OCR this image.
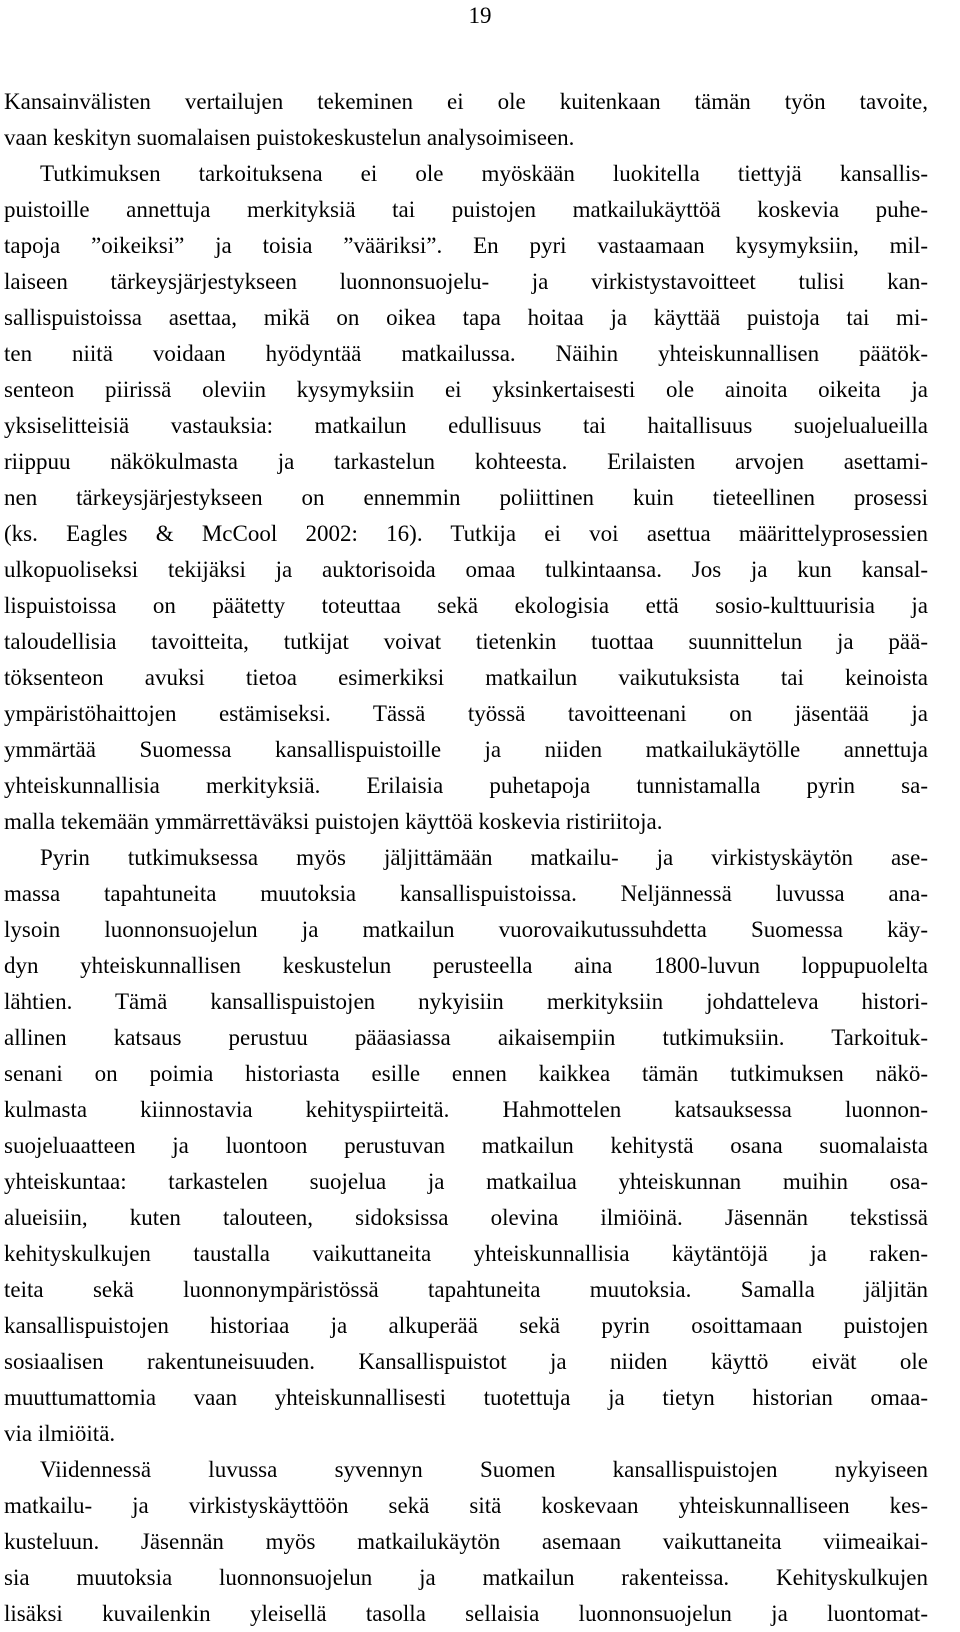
19
Kansainvälisten vertailujen tekeminen ei ole kuitenkaan tämän työn tavoite,
vaan keskityn suomalaisen puistokeskustelun analysoimiseen.
Tutkimuksen tarkoituksena ei ole myöskään luokitella tiettyjä kansallis-
puistoille annettuja merkityksiä tai puistojen matkailukäyttöä koskevia puhe-
tapoja ”oikeiksi” ja toisia ”vääriksi”. En pyri vastaamaan kysymyksiin, mil-
laiseen tärkeysjärjestykseen luonnonsuojelu- ja virkistystavoitteet tulisi kan-
sallispuistoissa asettaa, mikä on oikea tapa hoitaa ja käyttää puistoja tai mi-
ten niitä voidaan hyödyntää matkailussa. Näihin yhteiskunnallisen päätök-
senteon piirissä oleviin kysymyksiin ei yksinkertaisesti ole ainoita oikeita ja
yksiselitteisiä vastauksia: matkailun edullisuus tai haitallisuus suojelualueilla
riippuu näkökulmasta ja tarkastelun kohteesta. Erilaisten arvojen asettami-
nen tärkeysjärjestykseen on ennemmin poliittinen kuin tieteellinen prosessi
(ks. Eagles & McCool 2002: 16). Tutkija ei voi asettua määrittelyprosessien
ulkopuoliseksi tekijäksi ja auktorisoida omaa tulkintaansa. Jos ja kun kansal-
lispuistoissa on päätetty toteuttaa sekä ekologisia että sosio-kulttuurisia ja
taloudellisia tavoitteita, tutkijat voivat tietenkin tuottaa suunnittelun ja pää-
töksenteon avuksi tietoa esimerkiksi matkailun vaikutuksista tai keinoista
ympäristöhaittojen estämiseksi. Tässä työssä tavoitteenani on jäsentää ja
ymmärtää Suomessa kansallispuistoille ja niiden matkailukäytölle annettuja
yhteiskunnallisia merkityksiä. Erilaisia puhetapoja tunnistamalla pyrin sa-
malla tekemään ymmärrettäväksi puistojen käyttöä koskevia ristiriitoja.
Pyrin tutkimuksessa myös jäljittämään matkailu- ja virkistyskäytön ase-
massa tapahtuneita muutoksia kansallispuistoissa. Neljännessä luvussa ana-
lysoin luonnonsuojelun ja matkailun vuorovaikutussuhdetta Suomessa käy-
dyn yhteiskunnallisen keskustelun perusteella aina 1800-luvun loppupuolelta
lähtien. Tämä kansallispuistojen nykyisiin merkityksiin johdatteleva histori-
allinen katsaus perustuu pääasiassa aikaisempiin tutkimuksiin. Tarkoituk-
senani on poimia historiasta esille ennen kaikkea tämän tutkimuksen näkö-
kulmasta kiinnostavia kehityspiirteitä. Hahmottelen katsauksessa luonnon-
suojeluaatteen ja luontoon perustuvan matkailun kehitystä osana suomalaista
yhteiskuntaa: tarkastelen suojelua ja matkailua yhteiskunnan muihin osa-
alueisiin, kuten talouteen, sidoksissa olevina ilmiöinä. Jäsennän tekstissä
kehityskulkujen taustalla vaikuttaneita yhteiskunnallisia käytäntöjä ja raken-
teita sekä luonnonympäristössä tapahtuneita muutoksia. Samalla jäljitän
kansallispuistojen historiaa ja alkuperää sekä pyrin osoittamaan puistojen
sosiaalisen rakentuneisuuden. Kansallispuistot ja niiden käyttö eivät ole
muuttumattomia vaan yhteiskunnallisesti tuotettuja ja tietyn historian omaa-
via ilmiöitä.
Viidennessä luvussa syvennyn Suomen kansallispuistojen nykyiseen
matkailu- ja virkistyskäyttöön sekä sitä koskevaan yhteiskunnalliseen kes-
kusteluun. Jäsennän myös matkailukäytön asemaan vaikuttaneita viimeaikai-
sia muutoksia luonnonsuojelun ja matkailun rakenteissa. Kehityskulkujen
lisäksi kuvailenkin yleisellä tasolla sellaisia luonnonsuojelun ja luontomat-
